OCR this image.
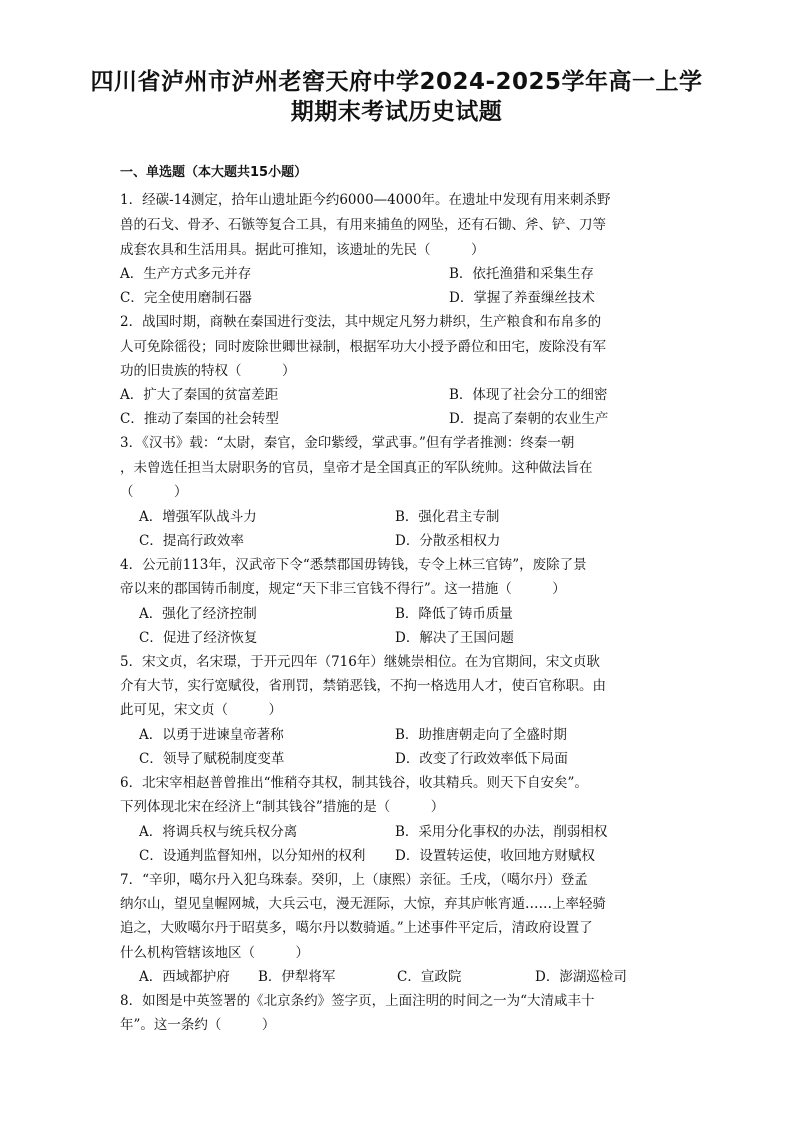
四川省泸州市泸州老窖天府中学2024-2025学年高一上学
期期末考试历史试题
一、单选题（本大题共15小题）
1．经碳-14测定，拾年山遗址距今约6000—4000年。在遗址中发现有用来刺杀野
兽的石戈、骨矛、石镞等复合工具，有用来捕鱼的网坠，还有石锄、斧、铲、刀等
成套农具和生活用具。据此可推知，该遗址的先民（　　　）
A．生产方式多元并存	B．依托渔猎和采集生存
C．完全使用磨制石器	D．掌握了养蚕缫丝技术
2．战国时期，商鞅在秦国进行变法，其中规定凡努力耕织，生产粮食和布帛多的
人可免除徭役；同时废除世卿世禄制，根据军功大小授予爵位和田宅，废除没有军
功的旧贵族的特权（　　　）
A．扩大了秦国的贫富差距	B．体现了社会分工的细密
C．推动了秦国的社会转型	D．提高了秦朝的农业生产
3．《汉书》载：“太尉，秦官，金印紫绶，掌武事。”但有学者推测：终秦一朝
，未曾选任担当太尉职务的官员，皇帝才是全国真正的军队统帅。这种做法旨在
（　　　）
A．增强军队战斗力	B．强化君主专制
C．提高行政效率	D．分散丞相权力
4．公元前113年，汉武帝下令“悉禁郡国毋铸钱，专令上林三官铸”，废除了景
帝以来的郡国铸币制度，规定“天下非三官钱不得行”。这一措施（　　　）
A．强化了经济控制	B．降低了铸币质量
C．促进了经济恢复	D．解决了王国问题
5．宋文贞，名宋璟，于开元四年（716年）继姚崇相位。在为官期间，宋文贞耿
介有大节，实行宽赋役，省刑罚，禁销恶钱，不拘一格选用人才，使百官称职。由
此可见，宋文贞（　　　）
A．以勇于进谏皇帝著称	B．助推唐朝走向了全盛时期
C．领导了赋税制度变革	D．改变了行政效率低下局面
6．北宋宰相赵普曾推出“惟稍夺其权，制其钱谷，收其精兵。则天下自安矣”。
下列体现北宋在经济上“制其钱谷”措施的是（　　　）
A．将调兵权与统兵权分离	B．采用分化事权的办法，削弱相权
C．设通判监督知州，以分知州的权利 D．设置转运使，收回地方财赋权
7．“辛卯，噶尔丹入犯乌珠泰。癸卯，上（康熙）亲征。壬戌，（噶尔丹）登孟
纳尔山，望见皇幄网城，大兵云屯，漫无涯际，大惊，弃其庐帐宵遁……上率轻骑
追之，大败噶尔丹于昭莫多，噶尔丹以数骑遁。”上述事件平定后，清政府设置了
什么机构管辖该地区（　　　）
A．西域都护府 B．伊犁将军	C．宣政院	D．澎湖巡检司
8．如图是中英签署的《北京条约》签字页，上面注明的时间之一为“大清咸丰十
年”。这一条约（　　　）
